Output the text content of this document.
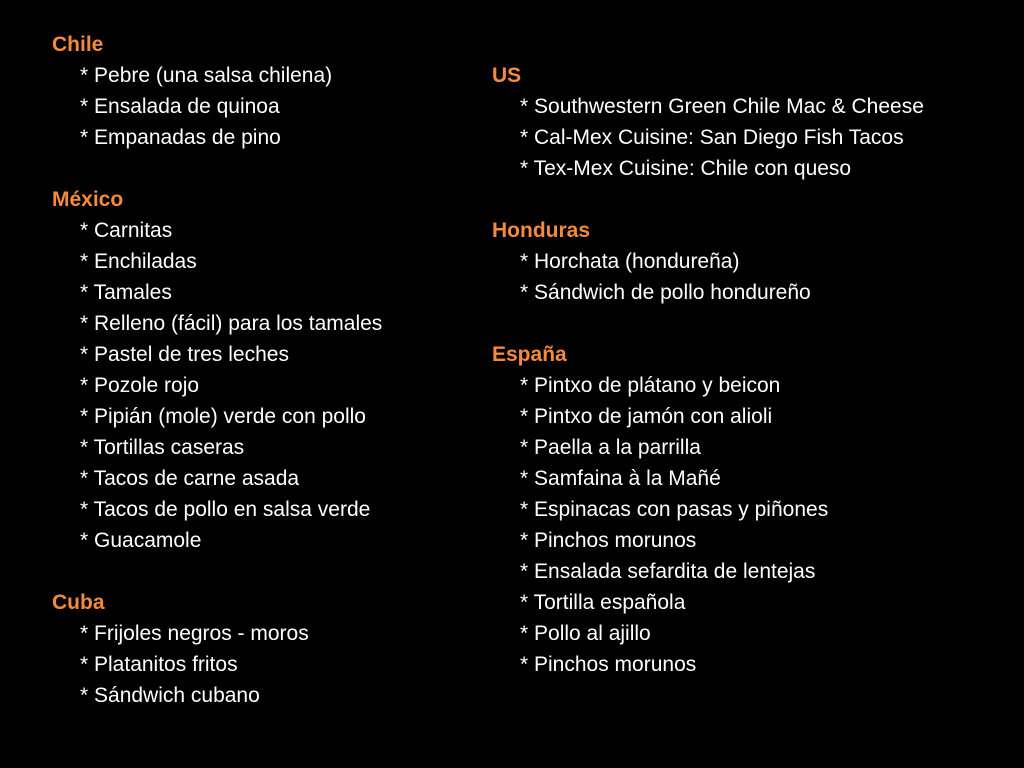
Chile
* Pebre (una salsa chilena)
* Ensalada de quinoa
* Empanadas de pino
México
* Carnitas
* Enchiladas
* Tamales
* Relleno (fácil) para los tamales
* Pastel de tres leches
* Pozole rojo
* Pipián (mole) verde con pollo
* Tortillas caseras
* Tacos de carne asada
* Tacos de pollo en salsa verde
* Guacamole
Cuba
* Frijoles negros - moros
* Platanitos fritos
* Sándwich cubano
US
* Southwestern Green Chile Mac & Cheese
* Cal-Mex Cuisine: San Diego Fish Tacos
* Tex-Mex Cuisine: Chile con queso
Honduras
* Horchata (hondureña)
* Sándwich de pollo hondureño
España
* Pintxo de plátano y beicon
* Pintxo de jamón con alioli
* Paella a la parrilla
* Samfaina à la Mañé
* Espinacas con pasas y piñones
* Pinchos morunos
* Ensalada sefardita de lentejas
* Tortilla española
* Pollo al ajillo
* Pinchos morunos
